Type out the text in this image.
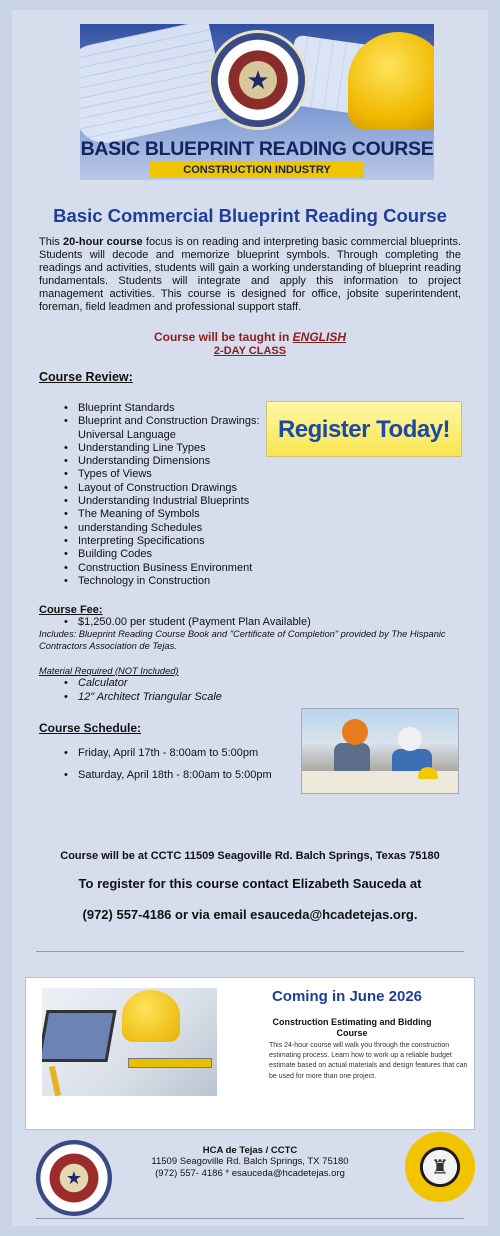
★
BASIC BLUEPRINT READING COURSE
CONSTRUCTION INDUSTRY
Basic Commercial Blueprint Reading Course

This 20-hour course focus is on reading and interpreting basic commercial blueprints. Students will decode and memorize blueprint symbols. Through completing the readings and activities, students will gain a working understanding of blueprint reading fundamentals. Students will integrate and apply this information to project management activities. This course is designed for office, jobsite superintendent, foreman, field leadmen and professional support staff.

Course will be taught in ENGLISH
2-DAY CLASS
Course Review:
• Blueprint Standards
• Blueprint and Construction Drawings: Universal Language
• Understanding Line Types
• Understanding Dimensions
• Types of Views
• Layout of Construction Drawings
• Understanding Industrial Blueprints
• The Meaning of Symbols
• understanding Schedules
• Interpreting Specifications
• Building Codes
• Construction Business Environment
• Technology in Construction
Register Today!
Course Fee:
• $1,250.00 per student (Payment Plan Available)
Includes: Blueprint Reading Course Book and "Certificate of Completion" provided by The Hispanic Contractors Association de Tejas.
Material Required (NOT Included)
• Calculator
• 12" Architect Triangular Scale
Course Schedule:
• Friday, April 17th - 8:00am to 5:00pm
• Saturday, April 18th - 8:00am to 5:00pm
Course will be at CCTC 11509 Seagoville Rd. Balch Springs, Texas 75180
To register for this course contact Elizabeth Sauceda at
(972) 557-4186 or via email esauceda@hcadetejas.org.
Coming in June 2026
Construction Estimating and Bidding Course
This 24-hour course will walk you through the construction estimating process. Learn how to work up a reliable budget estimate based on actual materials and design features that can be used for more than one project.
★
HCA de Tejas / CCTC
11509 Seagoville Rd. Balch Springs, TX 75180
(972) 557- 4186 * esauceda@hcadetejas.org	♜
